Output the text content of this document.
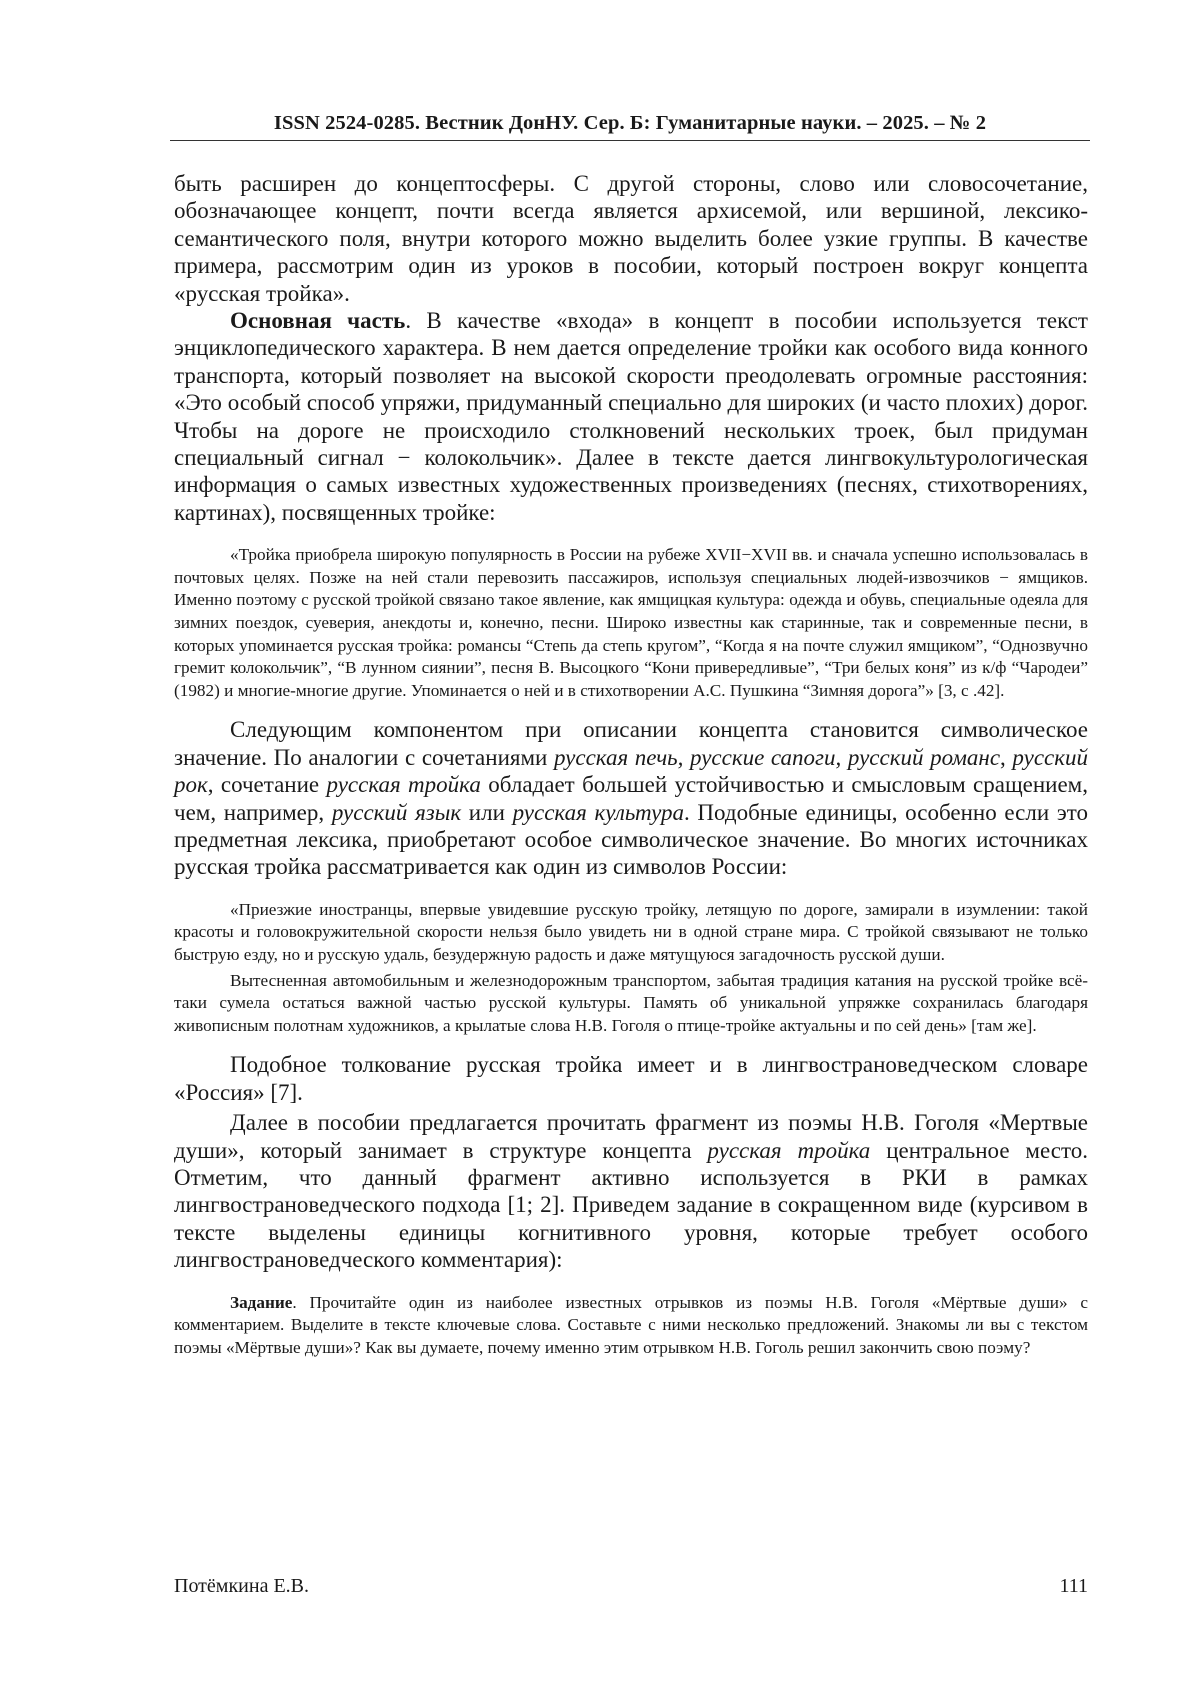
ISSN 2524-0285. Вестник ДонНУ. Сер. Б: Гуманитарные науки. – 2025. – № 2

быть расширен до концептосферы. С другой стороны, слово или словосочетание, обозначающее концепт, почти всегда является архисемой, или вершиной, лексико-семантического поля, внутри которого можно выделить более узкие группы. В качестве примера, рассмотрим один из уроков в пособии, который построен вокруг концепта «русская тройка».

Основная часть. В качестве «входа» в концепт в пособии используется текст энциклопедического характера. В нем дается определение тройки как особого вида конного транспорта, который позволяет на высокой скорости преодолевать огромные расстояния: «Это особый способ упряжи, придуманный специально для широких (и часто плохих) дорог. Чтобы на дороге не происходило столкновений нескольких троек, был придуман специальный сигнал − колокольчик». Далее в тексте дается лингвокультурологическая информация о самых известных художественных произведениях (песнях, стихотворениях, картинах), посвященных тройке:

«Тройка приобрела широкую популярность в России на рубеже XVII−XVII вв. и сначала успешно использовалась в почтовых целях. Позже на ней стали перевозить пассажиров, используя специальных людей-извозчиков − ямщиков. Именно поэтому с русской тройкой связано такое явление, как ямщицкая культура: одежда и обувь, специальные одеяла для зимних поездок, суеверия, анекдоты и, конечно, песни. Широко известны как старинные, так и современные песни, в которых упоминается русская тройка: романсы “Степь да степь кругом”, “Когда я на почте служил ямщиком”, “Однозвучно гремит колокольчик”, “В лунном сиянии”, песня В. Высоцкого “Кони привередливые”, “Три белых коня” из к/ф “Чародеи” (1982) и многие-многие другие. Упоминается о ней и в стихотворении А.С. Пушкина “Зимняя дорога”» [3, с .42].

Следующим компонентом при описании концепта становится символическое значение. По аналогии с сочетаниями русская печь, русские сапоги, русский романс, русский рок, сочетание русская тройка обладает большей устойчивостью и смысловым сращением, чем, например, русский язык или русская культура. Подобные единицы, особенно если это предметная лексика, приобретают особое символическое значение. Во многих источниках русская тройка рассматривается как один из символов России:

«Приезжие иностранцы, впервые увидевшие русскую тройку, летящую по дороге, замирали в изумлении: такой красоты и головокружительной скорости нельзя было увидеть ни в одной стране мира. С тройкой связывают не только быструю езду, но и русскую удаль, безудержную радость и даже мятущуюся загадочность русской души.

Вытесненная автомобильным и железнодорожным транспортом, забытая традиция катания на русской тройке всё-таки сумела остаться важной частью русской культуры. Память об уникальной упряжке сохранилась благодаря живописным полотнам художников, а крылатые слова Н.В. Гоголя о птице-тройке актуальны и по сей день» [там же].

Подобное толкование русская тройка имеет и в лингвострановедческом словаре «Россия» [7].

Далее в пособии предлагается прочитать фрагмент из поэмы Н.В. Гоголя «Мертвые души», который занимает в структуре концепта русская тройка центральное место. Отметим, что данный фрагмент активно используется в РКИ в рамках лингвострановедческого подхода [1; 2]. Приведем задание в сокращенном виде (курсивом в тексте выделены единицы когнитивного уровня, которые требует особого лингвострановедческого комментария):

Задание. Прочитайте один из наиболее известных отрывков из поэмы Н.В. Гоголя «Мёртвые души» с комментарием. Выделите в тексте ключевые слова. Составьте с ними несколько предложений. Знакомы ли вы с текстом поэмы «Мёртвые души»? Как вы думаете, почему именно этим отрывком Н.В. Гоголь решил закончить свою поэму?

Потёмкина Е.В.	111
